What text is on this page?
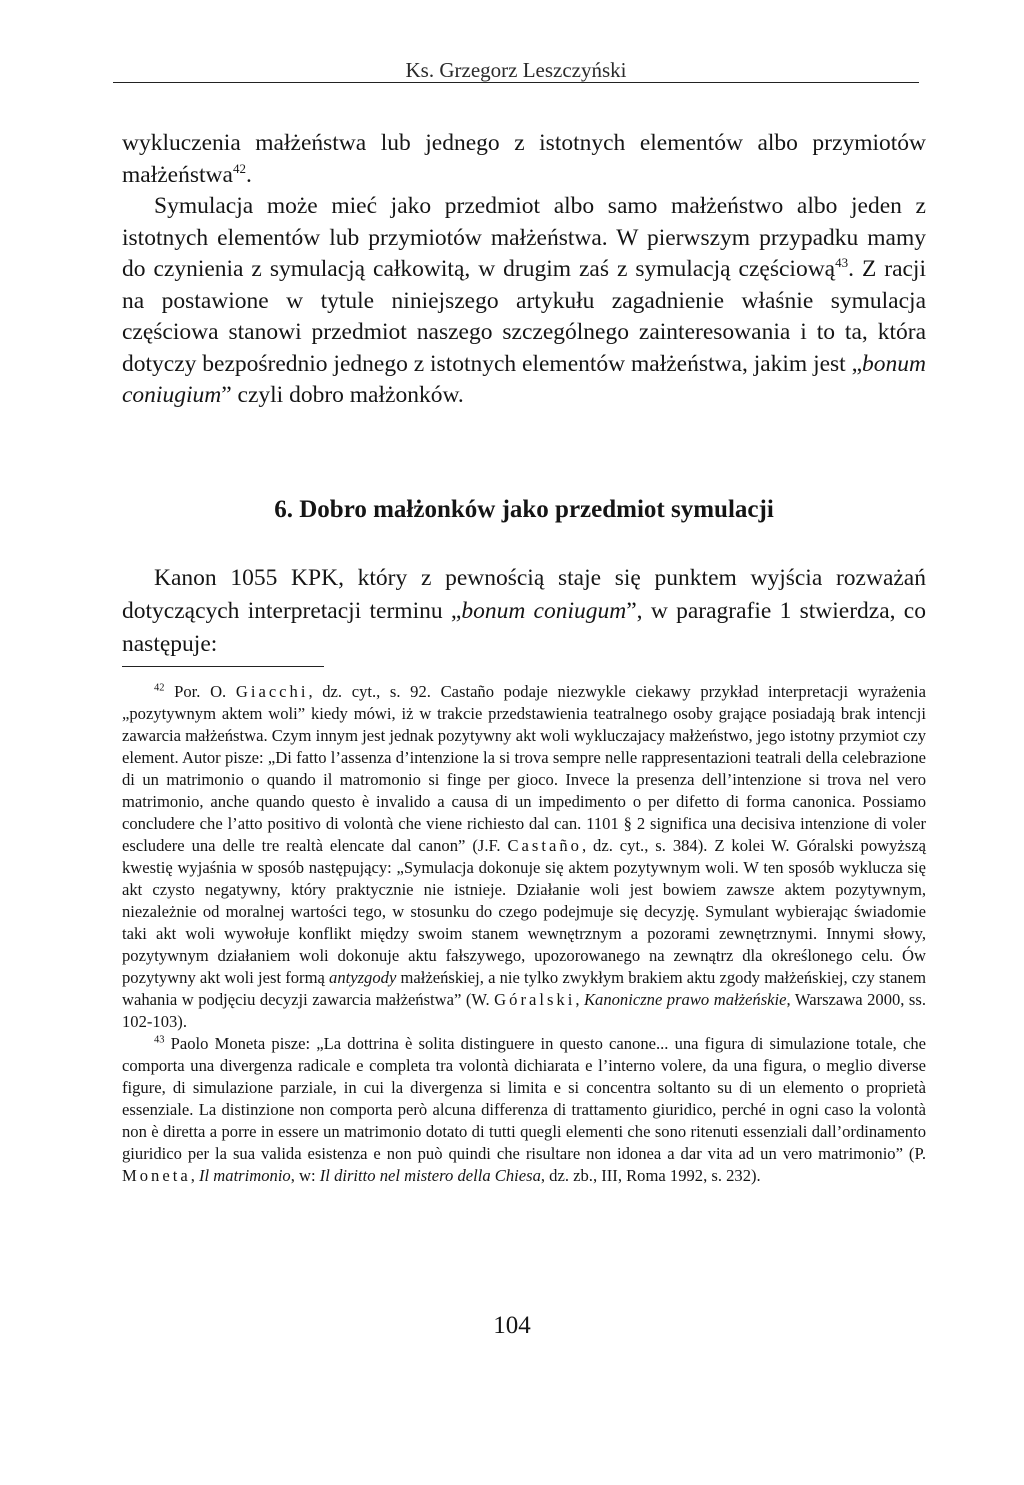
Ks. Grzegorz Leszczyński

wykluczenia małżeństwa lub jednego z istotnych elementów albo przymiotów małżeństwa$^{42}$.

Symulacja może mieć jako przedmiot albo samo małżeństwo albo jeden z istotnych elementów lub przymiotów małżeństwa. W pierwszym przypadku mamy do czynienia z symulacją całkowitą, w drugim zaś z symulacją częściową$^{43}$. Z racji na postawione w tytule niniejszego artykułu zagadnienie właśnie symulacja częściowa stanowi przedmiot naszego szczególnego zainteresowania i to ta, która dotyczy bezpośrednio jednego z istotnych elementów małżeństwa, jakim jest „bonum coniugium” czyli dobro małżonków.

6. Dobro małżonków jako przedmiot symulacji

Kanon 1055 KPK, który z pewnością staje się punktem wyjścia rozważań dotyczących interpretacji terminu „bonum coniugum”, w paragrafie 1 stwierdza, co następuje:

$^{42}$ Por. O. Giacchi, dz. cyt., s. 92. Castaño podaje niezwykle ciekawy przykład interpretacji wyrażenia „pozytywnym aktem woli” kiedy mówi, iż w trakcie przedstawienia teatralnego osoby grające posiadają brak intencji zawarcia małżeństwa. Czym innym jest jednak pozytywny akt woli wykluczajacy małżeństwo, jego istotny przymiot czy element. Autor pisze: „Di fatto l’assenza d’intenzione la si trova sempre nelle rappresentazioni teatrali della celebrazione di un matrimonio o quando il matromonio si finge per gioco. Invece la presenza dell’intenzione si trova nel vero matrimonio, anche quando questo è invalido a causa di un impedimento o per difetto di forma canonica. Possiamo concludere che l’atto positivo di volontà che viene richiesto dal can. 1101 § 2 significa una decisiva intenzione di voler escludere una delle tre realtà elencate dal canon” (J.F. Castaño, dz. cyt., s. 384). Z kolei W. Góralski powyższą kwestię wyjaśnia w sposób następujący: „Symulacja dokonuje się aktem pozytywnym woli. W ten sposób wyklucza się akt czysto negatywny, który praktycznie nie istnieje. Działanie woli jest bowiem zawsze aktem pozytywnym, niezależnie od moralnej wartości tego, w stosunku do czego podejmuje się decyzję. Symulant wybierając świadomie taki akt woli wywołuje konflikt między swoim stanem wewnętrznym a pozorami zewnętrznymi. Innymi słowy, pozytywnym działaniem woli dokonuje aktu fałszywego, upozorowanego na zewnątrz dla określonego celu. Ów pozytywny akt woli jest formą antyzgody małżeńskiej, a nie tylko zwykłym brakiem aktu zgody małżeńskiej, czy stanem wahania w podjęciu decyzji zawarcia małżeństwa” (W. Góralski, Kanoniczne prawo małżeńskie, Warszawa 2000, ss. 102-103).

$^{43}$ Paolo Moneta pisze: „La dottrina è solita distinguere in questo canone... una figura di simulazione totale, che comporta una divergenza radicale e completa tra volontà dichiarata e l’interno volere, da una figura, o meglio diverse figure, di simulazione parziale, in cui la divergenza si limita e si concentra soltanto su di un elemento o proprietà essenziale. La distinzione non comporta però alcuna differenza di trattamento giuridico, perché in ogni caso la volontà non è diretta a porre in essere un matrimonio dotato di tutti quegli elementi che sono ritenuti essenziali dall’ordinamento giuridico per la sua valida esistenza e non può quindi che risultare non idonea a dar vita ad un vero matrimonio” (P. Moneta, Il matrimonio, w: Il diritto nel mistero della Chiesa, dz. zb., III, Roma 1992, s. 232).

104
